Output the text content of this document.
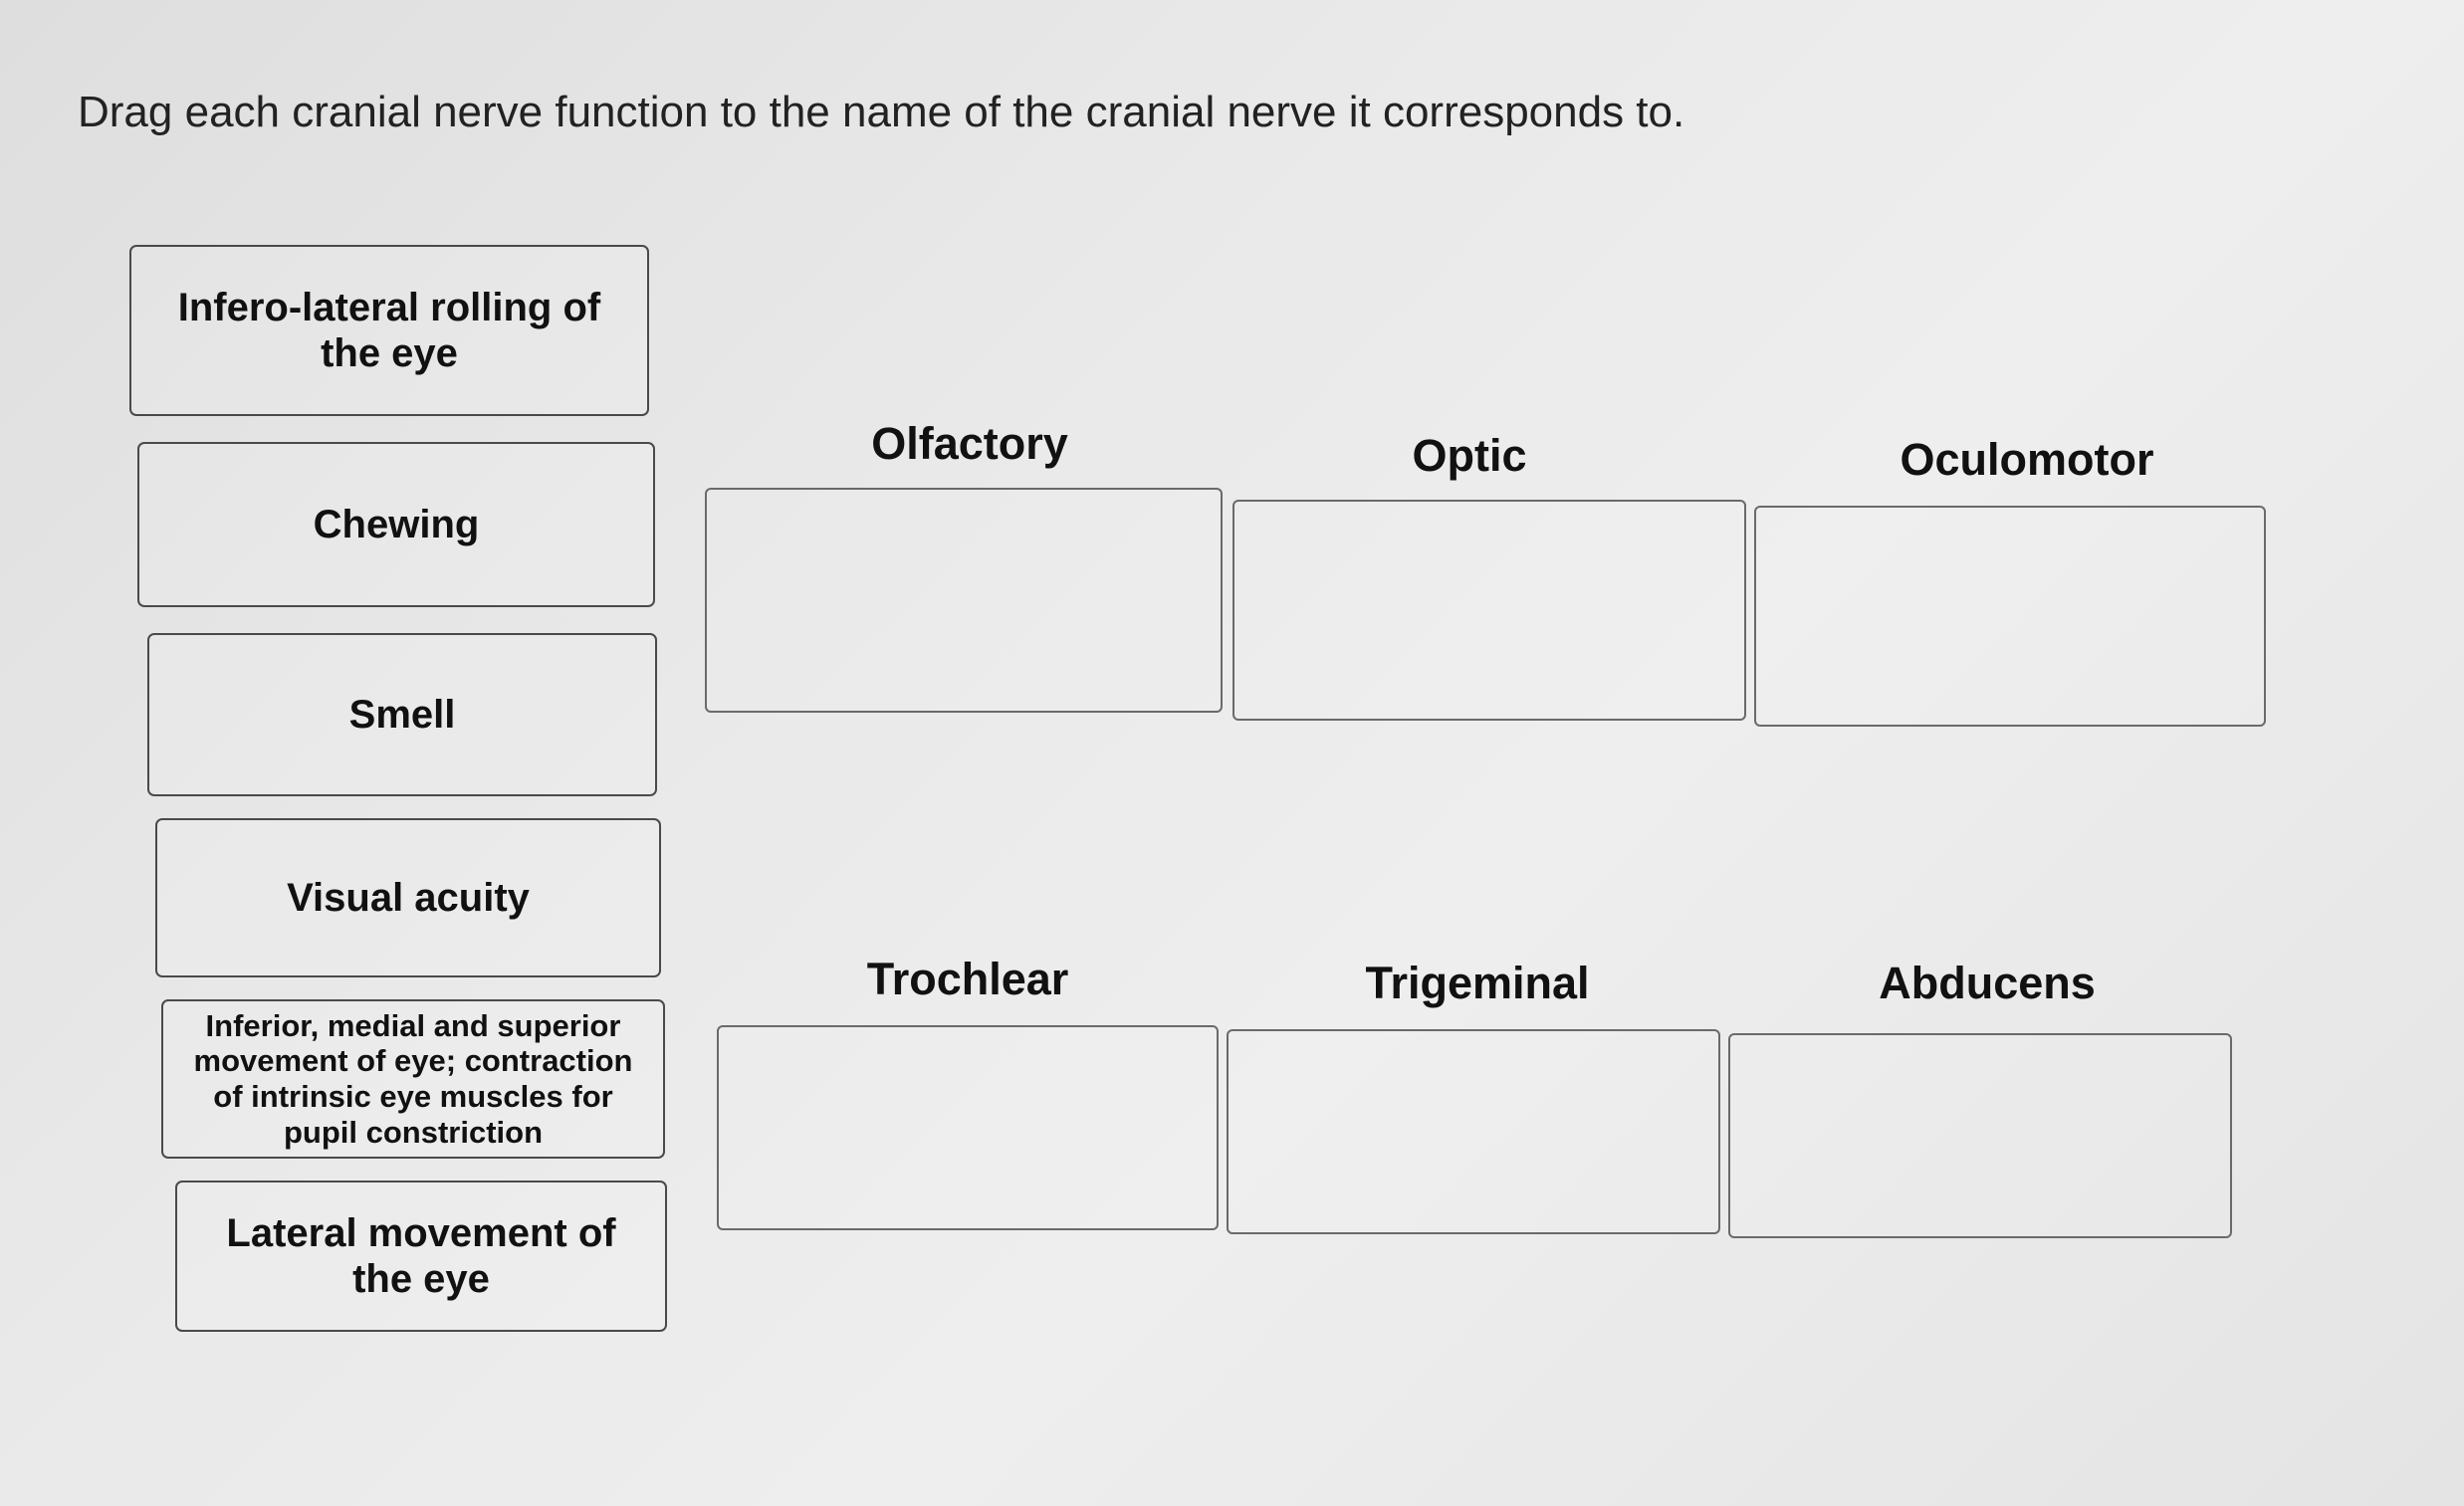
Drag each cranial nerve function to the name of the cranial nerve it corresponds to.
Infero-lateral rolling of the eye
Chewing
Smell
Visual acuity
Inferior, medial and superior movement of eye; contraction of intrinsic eye muscles for pupil constriction
Lateral movement of the eye
Olfactory	Optic	Oculomotor
Trochlear	Trigeminal	Abducens
